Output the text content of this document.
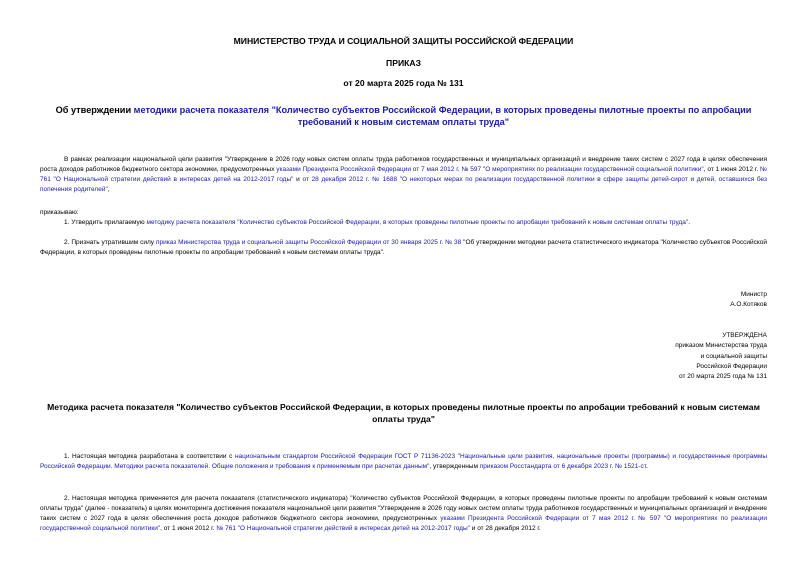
МИНИСТЕРСТВО ТРУДА И СОЦИАЛЬНОЙ ЗАЩИТЫ РОССИЙСКОЙ ФЕДЕРАЦИИ
ПРИКАЗ
от 20 марта 2025 года № 131
Об утверждении методики расчета показателя "Количество субъектов Российской Федерации, в которых проведены пилотные проекты по апробации требований к новым системам оплаты труда"
В рамках реализации национальной цели развития "Утверждение в 2026 году новых систем оплаты труда работников государственных и муниципальных организаций и внедрение таких систем с 2027 года в целях обеспечения роста доходов работников бюджетного сектора экономики, предусмотренных указами Президента Российской Федерации от 7 мая 2012 г. № 597 "О мероприятиях по реализации государственной социальной политики", от 1 июня 2012 г. № 761 "О Национальной стратегии действий в интересах детей на 2012-2017 годы" и от 28 декабря 2012 г. № 1688 "О некоторых мерах по реализации государственной политики в сфере защиты детей-сирот и детей, оставшихся без попечения родителей",
приказываю:
1. Утвердить прилагаемую методику расчета показателя "Количество субъектов Российской Федерации, в которых проведены пилотные проекты по апробации требований к новым системам оплаты труда".
2. Признать утратившим силу приказ Министерства труда и социальной защиты Российской Федерации от 30 января 2025 г. № 38 "Об утверждении методики расчета статистического индикатора "Количество субъектов Российской Федерации, в которых проведены пилотные проекты по апробации требований к новым системам оплаты труда".
Министр
А.О.Котяков
УТВЕРЖДЕНА
приказом Министерства труда
и социальной защиты
Российской Федерации
от 20 марта 2025 года № 131
Методика расчета показателя "Количество субъектов Российской Федерации, в которых проведены пилотные проекты по апробации требований к новым системам оплаты труда"
1. Настоящая методика разработана в соответствии с национальным стандартом Российской Федерации ГОСТ Р 71136-2023 "Национальные цели развития, национальные проекты (программы) и государственные программы Российской Федерации. Методики расчета показателей. Общие положения и требования к применяемым при расчетах данным", утвержденным приказом Росстандарта от 6 декабря 2023 г. № 1521-ст.
2. Настоящая методика применяется для расчета показателя (статистического индикатора) "Количество субъектов Российской Федерации, в которых проведены пилотные проекты по апробации требований к новым системам оплаты труда" (далее - показатель) в целях мониторинга достижения показателя национальной цели развития "Утверждение в 2026 году новых систем оплаты труда работников государственных и муниципальных организаций и внедрение таких систем с 2027 года в целях обеспечения роста доходов работников бюджетного сектора экономики, предусмотренных указами Президента Российской Федерации от 7 мая 2012 г. № 597 "О мероприятиях по реализации государственной социальной политики", от 1 июня 2012 г. № 761 "О Национальной стратегии действий в интересах детей на 2012-2017 годы" и от 28 декабря 2012 г.
